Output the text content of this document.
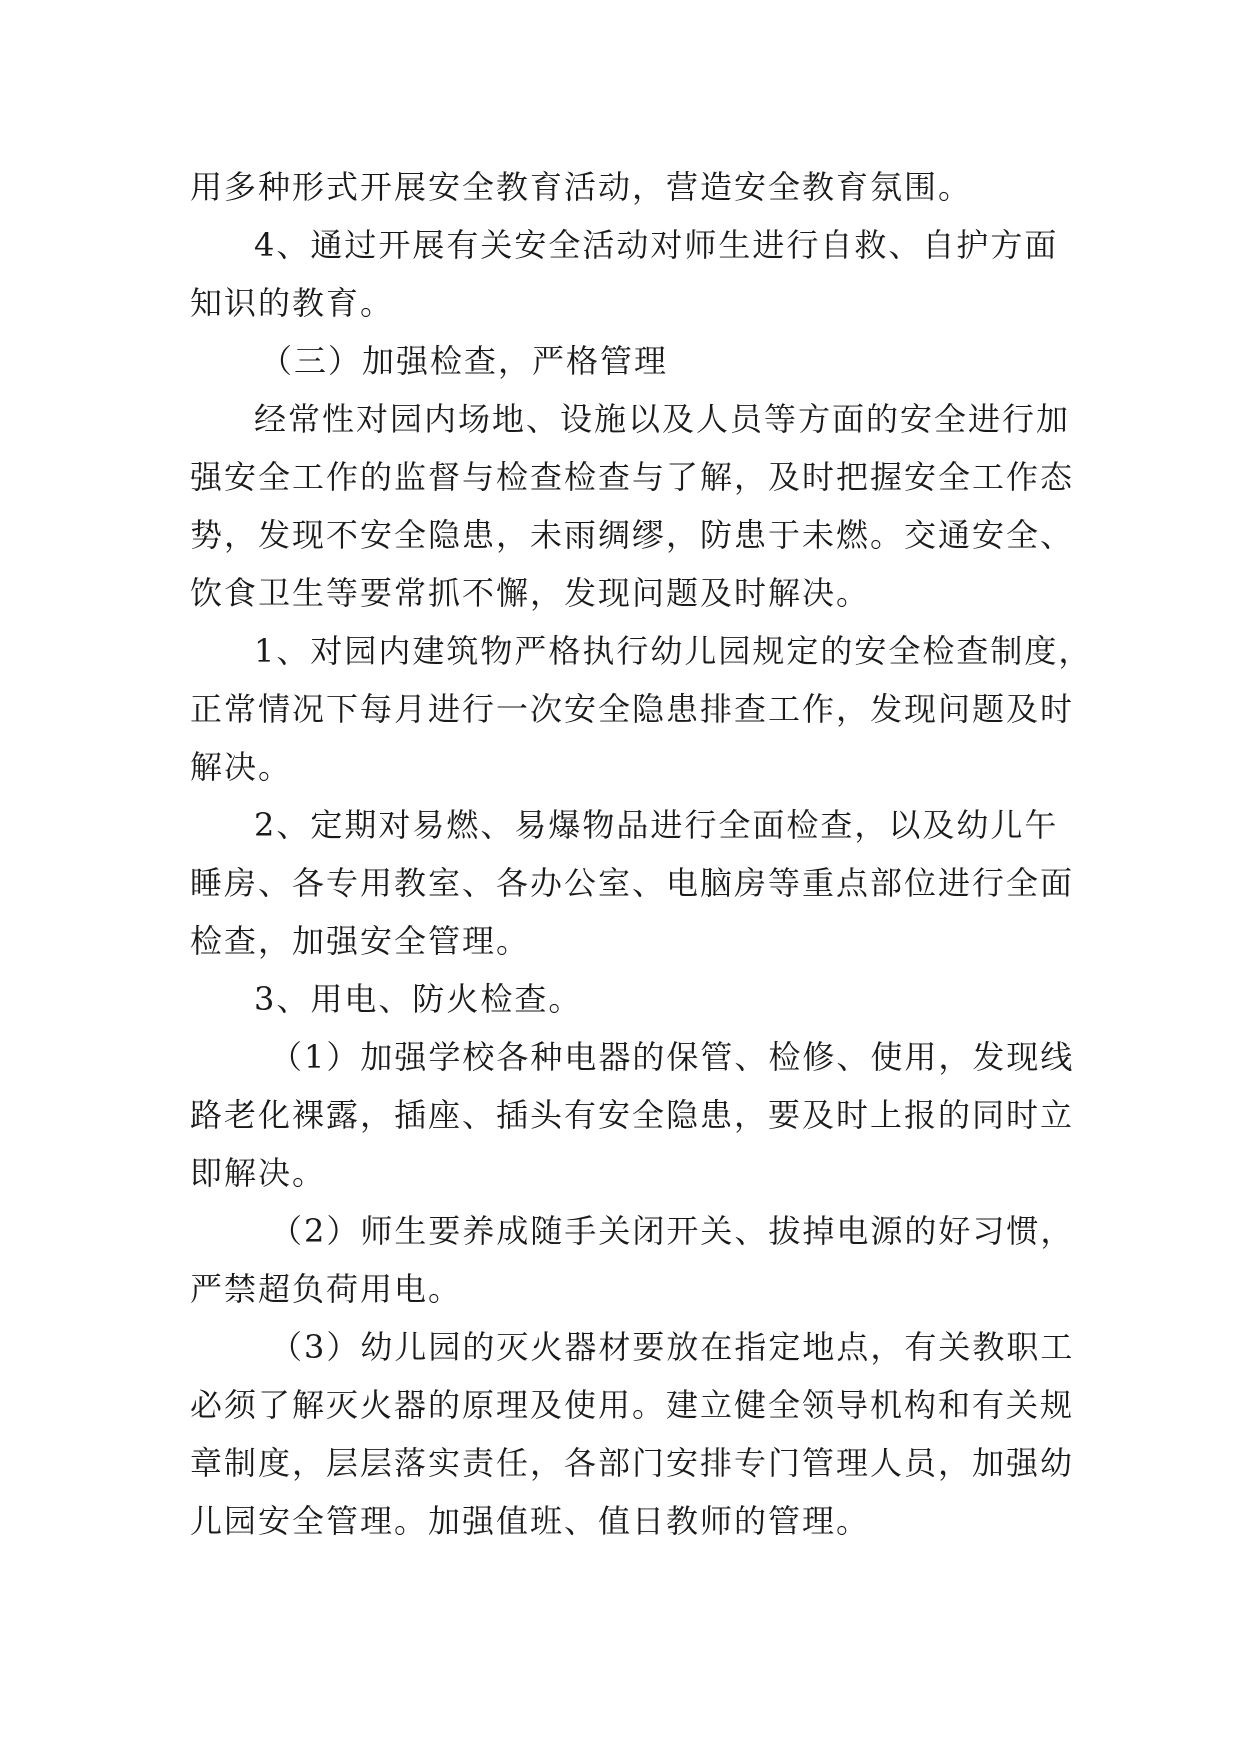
用多种形式开展安全教育活动，营造安全教育氛围。

4、通过开展有关安全活动对师生进行自救、自护方面

知识的教育。

（三）加强检查，严格管理

经常性对园内场地、设施以及人员等方面的安全进行加

强安全工作的监督与检查检查与了解，及时把握安全工作态

势，发现不安全隐患，未雨绸缪，防患于未燃。交通安全、

饮食卫生等要常抓不懈，发现问题及时解决。

1、对园内建筑物严格执行幼儿园规定的安全检查制度，

正常情况下每月进行一次安全隐患排查工作，发现问题及时

解决。

2、定期对易燃、易爆物品进行全面检查，以及幼儿午

睡房、各专用教室、各办公室、电脑房等重点部位进行全面

检查，加强安全管理。

3、用电、防火检查。

（1）加强学校各种电器的保管、检修、使用，发现线

路老化裸露，插座、插头有安全隐患，要及时上报的同时立

即解决。

（2）师生要养成随手关闭开关、拔掉电源的好习惯，

严禁超负荷用电。

（3）幼儿园的灭火器材要放在指定地点，有关教职工

必须了解灭火器的原理及使用。建立健全领导机构和有关规

章制度，层层落实责任，各部门安排专门管理人员，加强幼

儿园安全管理。加强值班、值日教师的管理。
